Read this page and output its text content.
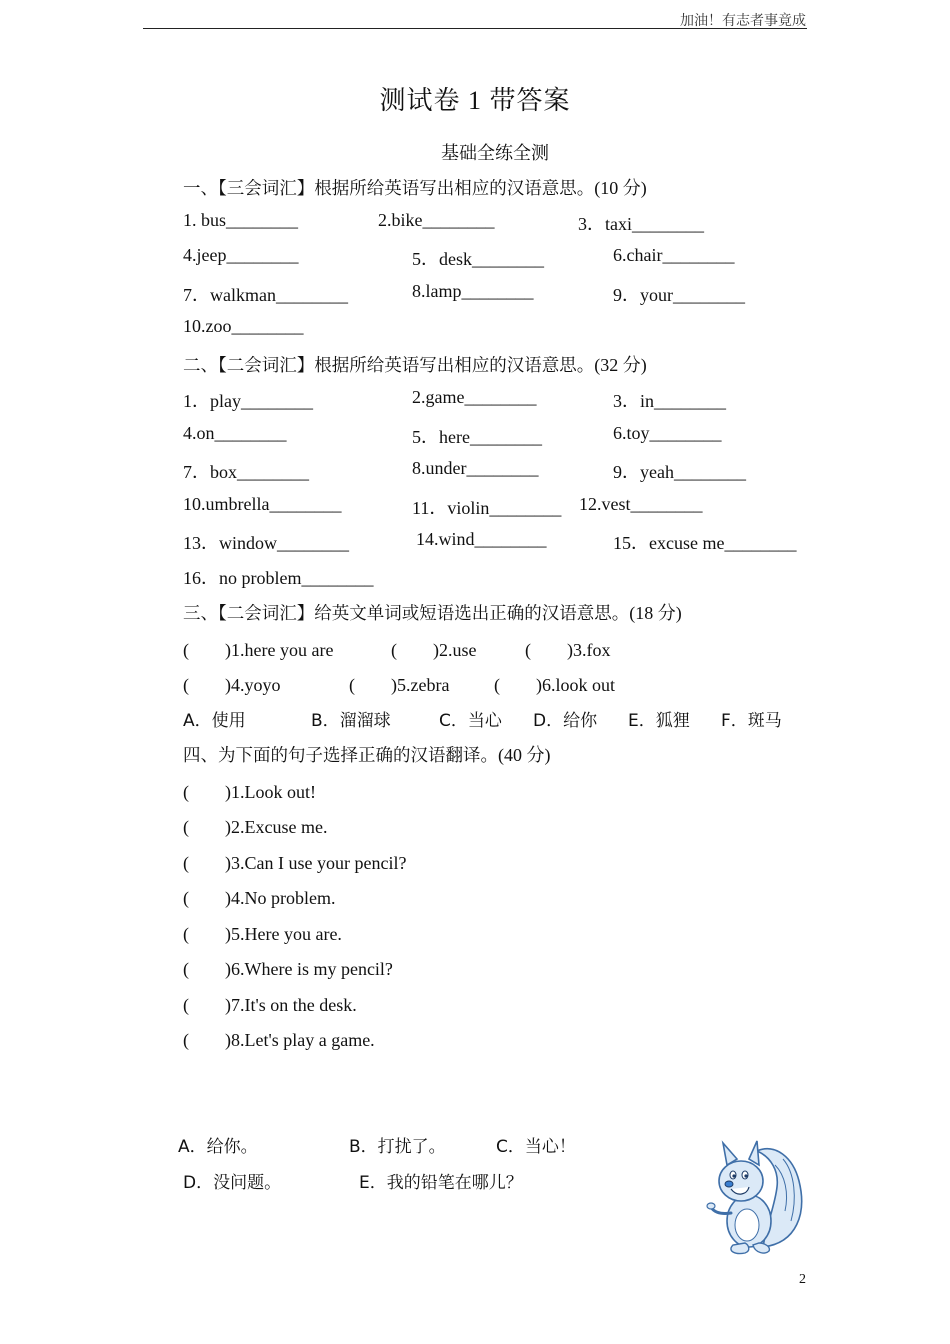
加油！有志者事竟成
测试卷 1 带答案
基础全练全测
一、【三会词汇】根据所给英语写出相应的汉语意思。(10 分)
1. bus________	2.bike________	3．taxi________
4.jeep________	5．desk________	6.chair________
7．walkman________	8.lamp________	9．your________
10.zoo________
二、【二会词汇】根据所给英语写出相应的汉语意思。(32 分)
1．play________	2.game________	3．in________
4.on________	5．here________	6.toy________
7．box________	8.under________	9．yeah________
10.umbrella________	11．violin________ 12.vest________
13．window________	14.wind________	15．excuse me________
16．no problem________
三、【二会词汇】给英文单词或短语选出正确的汉语意思。(18 分)
(　　)1.here you are	(　　)2.use	(　　)3.fox
(　　)4.yoyo	(　　)5.zebra (　　)6.look out
A．使用	B．溜溜球	C．当心 D．给你 E．狐狸 F．斑马
四、为下面的句子选择正确的汉语翻译。(40 分)
(　　)1.Look out!
(　　)2.Excuse me.
(　　)3.Can I use your pencil?
(　　)4.No problem.
(　　)5.Here you are.
(　　)6.Where is my pencil?
(　　)7.It's on the desk.
(　　)8.Let's play a game.
A．给你。	B．打扰了。	C．当心！
D．没问题。	E．我的铅笔在哪儿？
2
